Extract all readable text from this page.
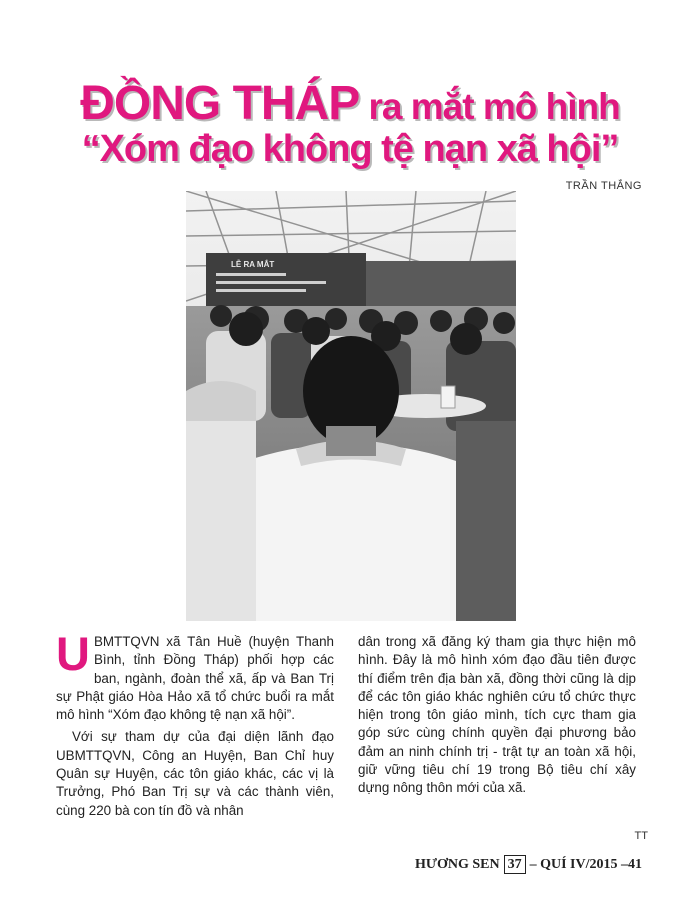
ĐỒNG THÁP ra mắt mô hình
“Xóm đạo không tệ nạn xã hội”
TRẦN THẮNG
LỄ RA MẮT

UBMTTQVN xã Tân Huề (huyện Thanh Bình, tỉnh Đồng Tháp) phối hợp các ban, ngành, đoàn thể xã, ấp và Ban Trị sự Phật giáo Hòa Hảo xã tổ chức buổi ra mắt mô hình “Xóm đạo không tệ nạn xã hội”.

Với sự tham dự của đại diện lãnh đạo UBMTTQVN, Công an Huyện, Ban Chỉ huy Quân sự Huyện, các tôn giáo khác, các vị là Trưởng, Phó Ban Trị sự và các thành viên, cùng 220 bà con tín đồ và nhân

dân trong xã đăng ký tham gia thực hiện mô hình. Đây là mô hình xóm đạo đầu tiên được thí điểm trên địa bàn xã, đồng thời cũng là dịp để các tôn giáo khác nghiên cứu tổ chức thực hiện trong tôn giáo mình, tích cực tham gia góp sức cùng chính quyền đại phương bảo đảm an ninh chính trị - trật tự an toàn xã hội, giữ vững tiêu chí 19 trong Bộ tiêu chí xây dựng nông thôn mới của xã.

TT
HƯƠNG SEN 37 – QUÍ IV/2015 –41
